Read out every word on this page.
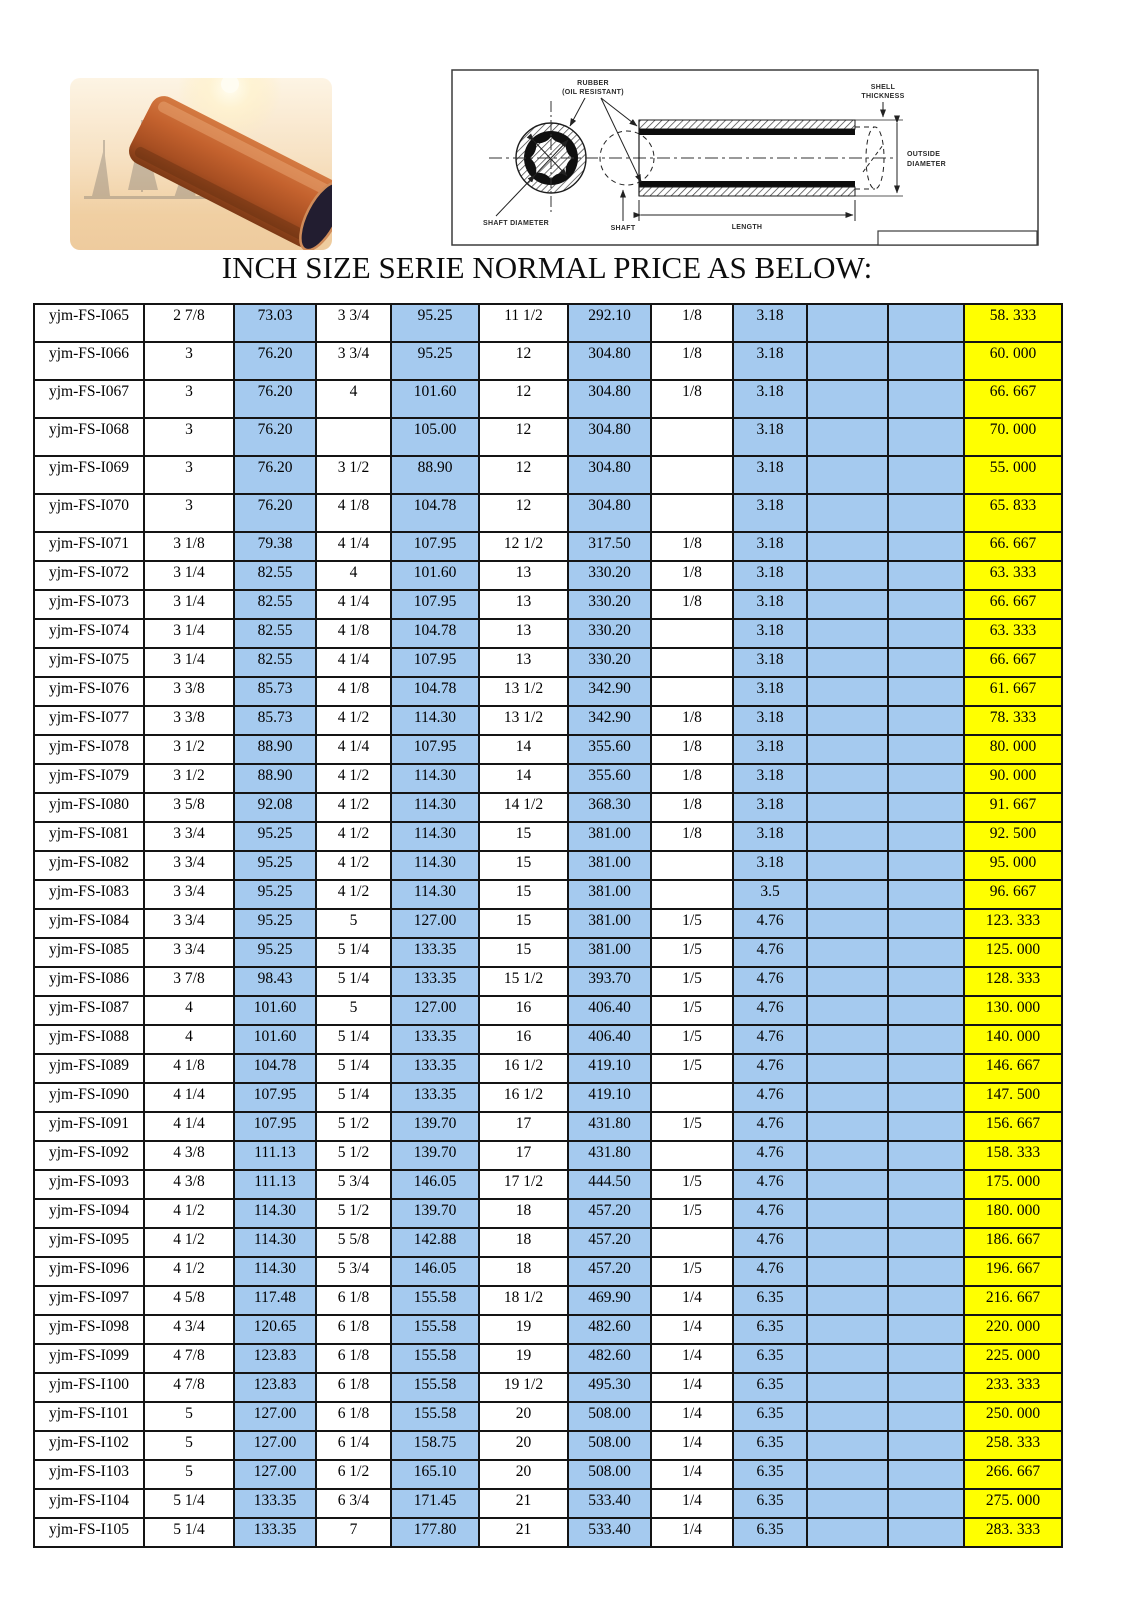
RUBBER
(OIL RESISTANT)
SHAFT DIAMETER
SHAFT	LENGTH
SHELL
THICKNESS
OUTSIDE
DIAMETER
INCH SIZE SERIE NORMAL PRICE AS BELOW:
yjm-FS-I065	2 7/8	73.03	3 3/4	95.25	11 1/2	292.10	1/8	3.18			58. 333
yjm-FS-I066	3	76.20	3 3/4	95.25	12	304.80	1/8	3.18			60. 000
yjm-FS-I067	3	76.20	4	101.60	12	304.80	1/8	3.18			66. 667
yjm-FS-I068	3	76.20		105.00	12	304.80		3.18			70. 000
yjm-FS-I069	3	76.20	3 1/2	88.90	12	304.80		3.18			55. 000
yjm-FS-I070	3	76.20	4 1/8	104.78	12	304.80		3.18			65. 833
yjm-FS-I071	3 1/8	79.38	4 1/4	107.95	12 1/2	317.50	1/8	3.18			66. 667
yjm-FS-I072	3 1/4	82.55	4	101.60	13	330.20	1/8	3.18			63. 333
yjm-FS-I073	3 1/4	82.55	4 1/4	107.95	13	330.20	1/8	3.18			66. 667
yjm-FS-I074	3 1/4	82.55	4 1/8	104.78	13	330.20		3.18			63. 333
yjm-FS-I075	3 1/4	82.55	4 1/4	107.95	13	330.20		3.18			66. 667
yjm-FS-I076	3 3/8	85.73	4 1/8	104.78	13 1/2	342.90		3.18			61. 667
yjm-FS-I077	3 3/8	85.73	4 1/2	114.30	13 1/2	342.90	1/8	3.18			78. 333
yjm-FS-I078	3 1/2	88.90	4 1/4	107.95	14	355.60	1/8	3.18			80. 000
yjm-FS-I079	3 1/2	88.90	4 1/2	114.30	14	355.60	1/8	3.18			90. 000
yjm-FS-I080	3 5/8	92.08	4 1/2	114.30	14 1/2	368.30	1/8	3.18			91. 667
yjm-FS-I081	3 3/4	95.25	4 1/2	114.30	15	381.00	1/8	3.18			92. 500
yjm-FS-I082	3 3/4	95.25	4 1/2	114.30	15	381.00		3.18			95. 000
yjm-FS-I083	3 3/4	95.25	4 1/2	114.30	15	381.00		3.5			96. 667
yjm-FS-I084	3 3/4	95.25	5	127.00	15	381.00	1/5	4.76			123. 333
yjm-FS-I085	3 3/4	95.25	5 1/4	133.35	15	381.00	1/5	4.76			125. 000
yjm-FS-I086	3 7/8	98.43	5 1/4	133.35	15 1/2	393.70	1/5	4.76			128. 333
yjm-FS-I087	4	101.60	5	127.00	16	406.40	1/5	4.76			130. 000
yjm-FS-I088	4	101.60	5 1/4	133.35	16	406.40	1/5	4.76			140. 000
yjm-FS-I089	4 1/8	104.78	5 1/4	133.35	16 1/2	419.10	1/5	4.76			146. 667
yjm-FS-I090	4 1/4	107.95	5 1/4	133.35	16 1/2	419.10		4.76			147. 500
yjm-FS-I091	4 1/4	107.95	5 1/2	139.70	17	431.80	1/5	4.76			156. 667
yjm-FS-I092	4 3/8	111.13	5 1/2	139.70	17	431.80		4.76			158. 333
yjm-FS-I093	4 3/8	111.13	5 3/4	146.05	17 1/2	444.50	1/5	4.76			175. 000
yjm-FS-I094	4 1/2	114.30	5 1/2	139.70	18	457.20	1/5	4.76			180. 000
yjm-FS-I095	4 1/2	114.30	5 5/8	142.88	18	457.20		4.76			186. 667
yjm-FS-I096	4 1/2	114.30	5 3/4	146.05	18	457.20	1/5	4.76			196. 667
yjm-FS-I097	4 5/8	117.48	6 1/8	155.58	18 1/2	469.90	1/4	6.35			216. 667
yjm-FS-I098	4 3/4	120.65	6 1/8	155.58	19	482.60	1/4	6.35			220. 000
yjm-FS-I099	4 7/8	123.83	6 1/8	155.58	19	482.60	1/4	6.35			225. 000
yjm-FS-I100	4 7/8	123.83	6 1/8	155.58	19 1/2	495.30	1/4	6.35			233. 333
yjm-FS-I101	5	127.00	6 1/8	155.58	20	508.00	1/4	6.35			250. 000
yjm-FS-I102	5	127.00	6 1/4	158.75	20	508.00	1/4	6.35			258. 333
yjm-FS-I103	5	127.00	6 1/2	165.10	20	508.00	1/4	6.35			266. 667
yjm-FS-I104	5 1/4	133.35	6 3/4	171.45	21	533.40	1/4	6.35			275. 000
yjm-FS-I105	5 1/4	133.35	7	177.80	21	533.40	1/4	6.35			283. 333
